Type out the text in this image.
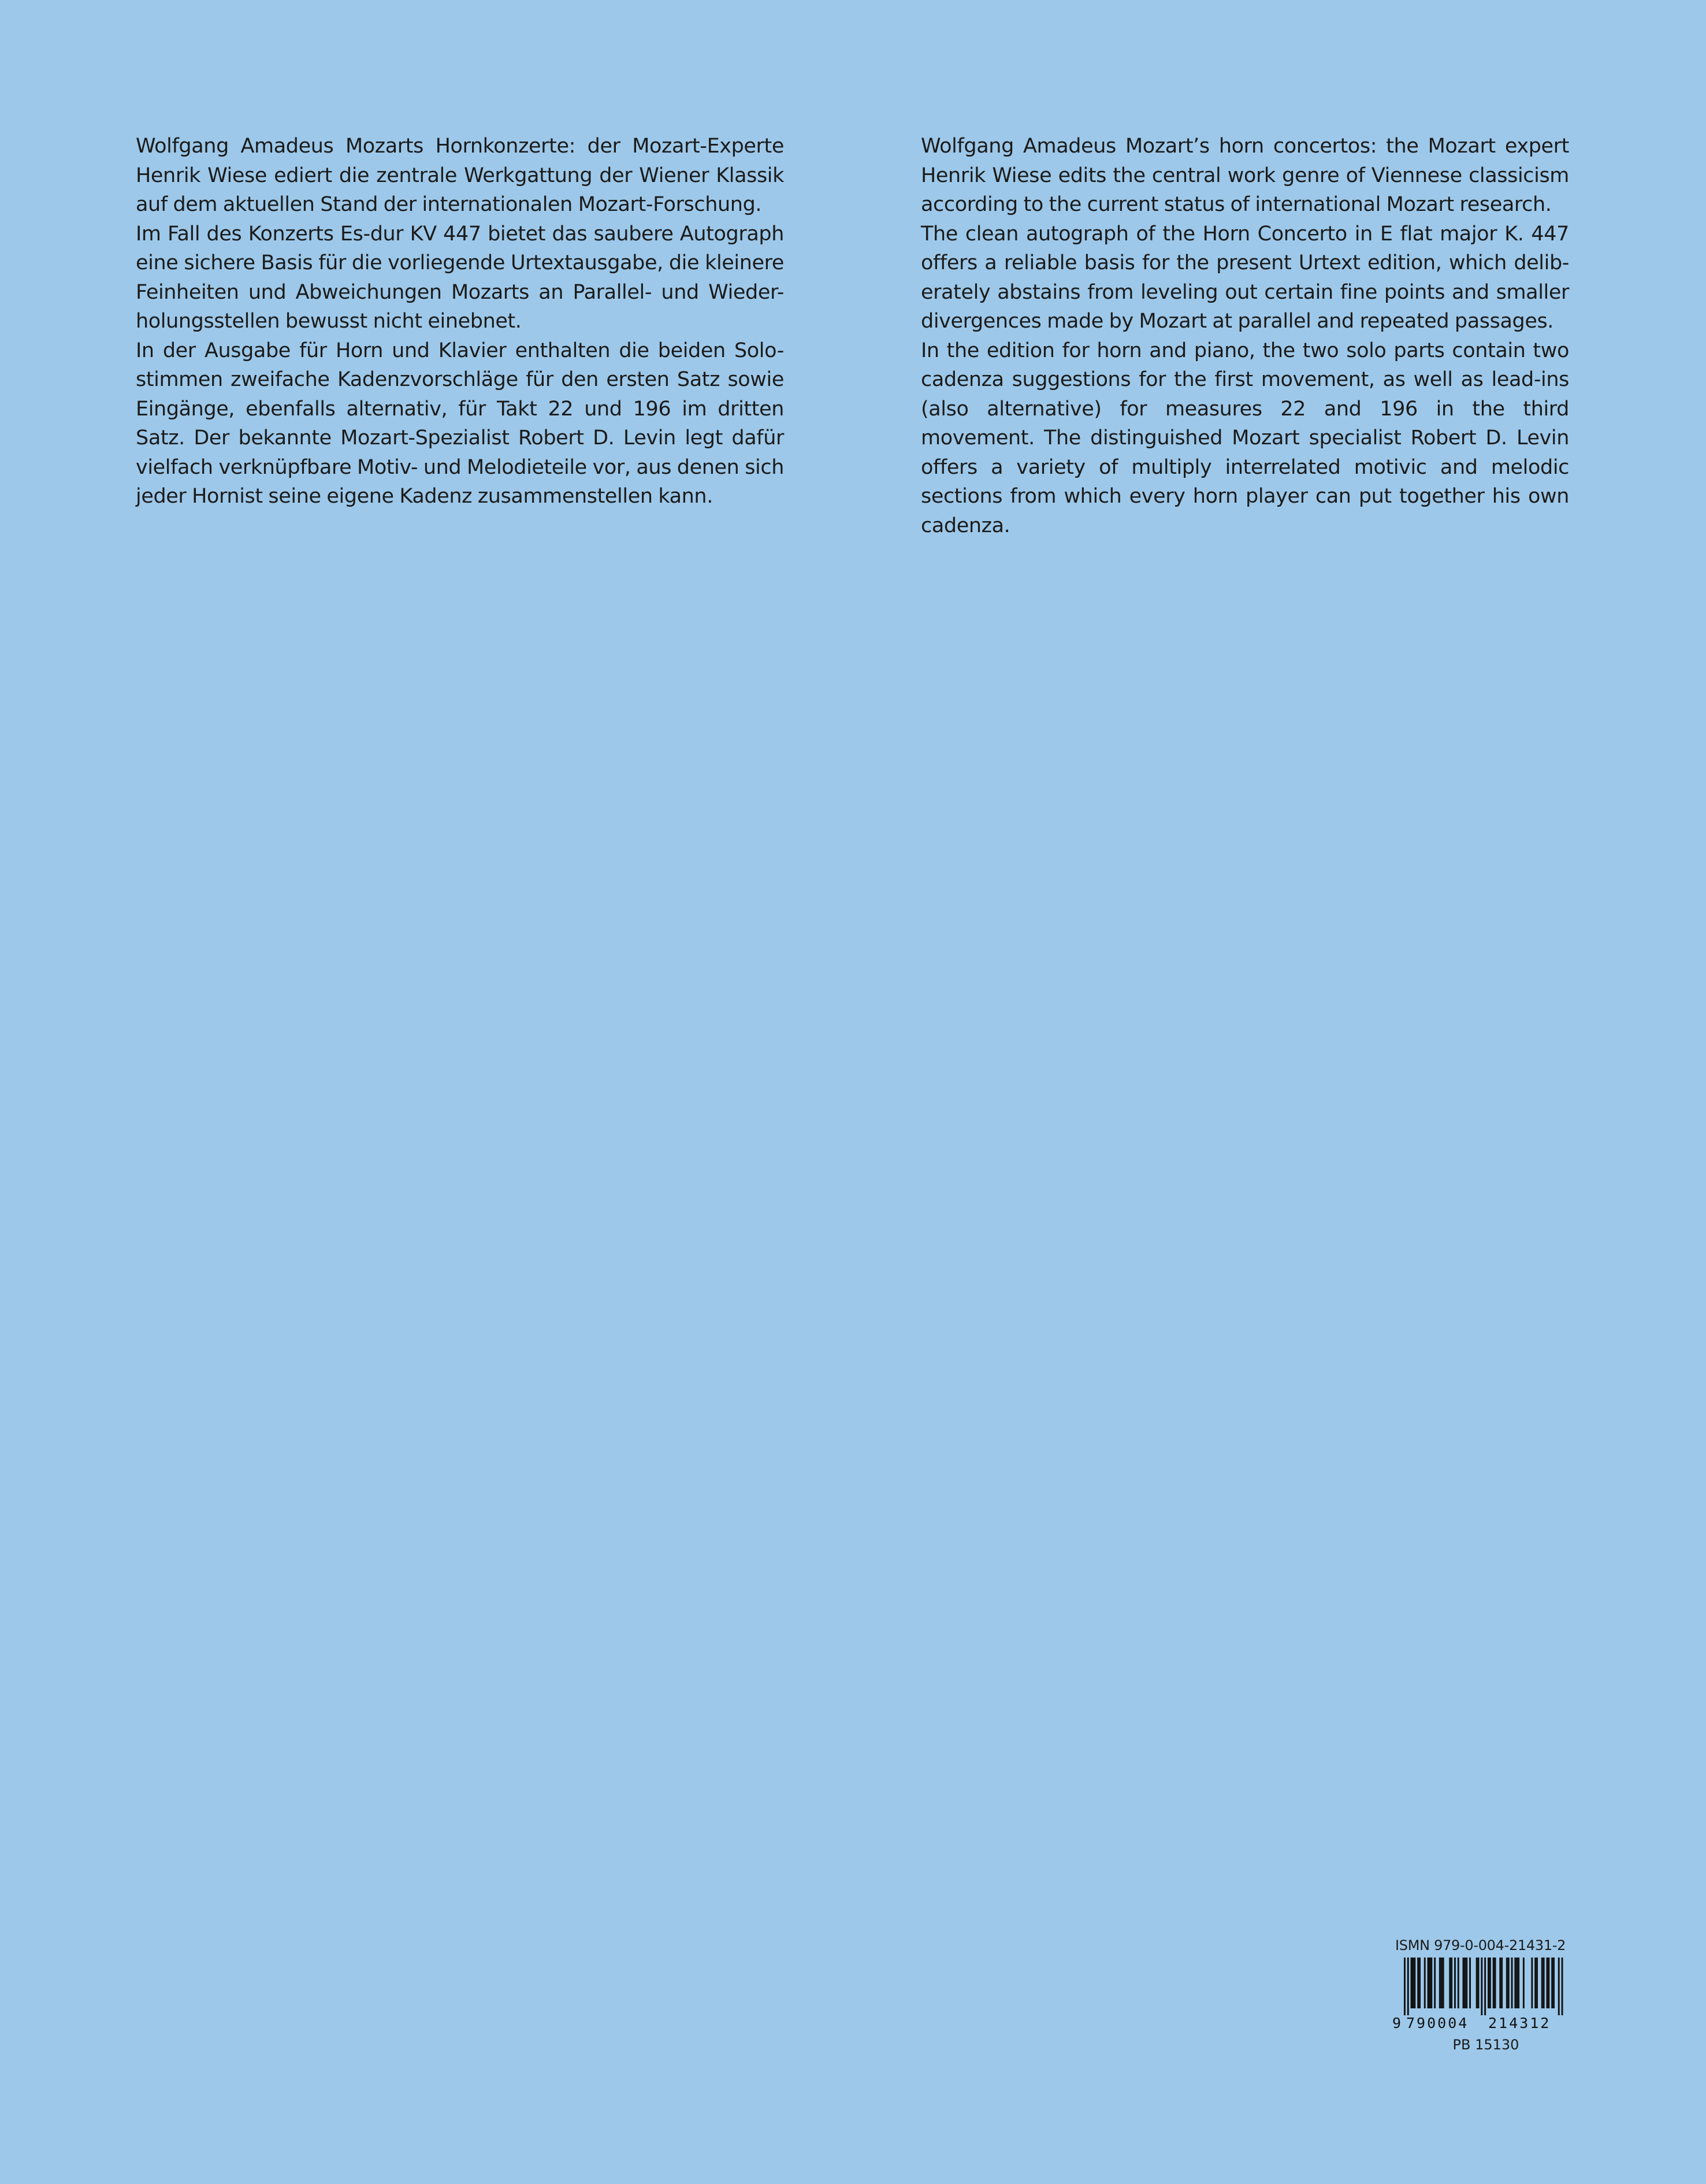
Wolfgang Amadeus Mozarts Hornkonzerte: der Mozart-Experte Henrik Wiese ediert die zentrale Werkgattung der Wiener Klassik auf dem aktuellen Stand der internationalen Mozart-Forschung.

Im Fall des Konzerts Es-dur KV 447 bietet das saubere Autograph eine sichere Basis für die vorliegende Urtextausgabe, die kleinere Feinheiten und Abweichungen Mozarts an Parallel- und Wieder-holungsstellen bewusst nicht einebnet.

In der Ausgabe für Horn und Klavier enthalten die beiden Solo-stimmen zweifache Kadenzvorschläge für den ersten Satz sowie Eingänge, ebenfalls alternativ, für Takt 22 und 196 im dritten Satz. Der bekannte Mozart-Spezialist Robert D. Levin legt dafür vielfach verknüpfbare Motiv- und Melodieteile vor, aus denen sich jeder Hornist seine eigene Kadenz zusammenstellen kann.

Wolfgang Amadeus Mozart’s horn concertos: the Mozart expert Henrik Wiese edits the central work genre of Viennese classicism according to the current status of international Mozart research.

The clean autograph of the Horn Concerto in E flat major K. 447 offers a reliable basis for the present Urtext edition, which delib-erately abstains from leveling out certain fine points and smaller divergences made by Mozart at parallel and repeated passages.

In the edition for horn and piano, the two solo parts contain two cadenza suggestions for the first movement, as well as lead-ins (also alternative) for measures 22 and 196 in the third movement. The distinguished Mozart specialist Robert D. Levin offers a variety of multiply interrelated motivic and melodic sections from which every horn player can put together his own cadenza.

ISMN 979-0-004-21431-2
9 790004 214312
PB 15130
